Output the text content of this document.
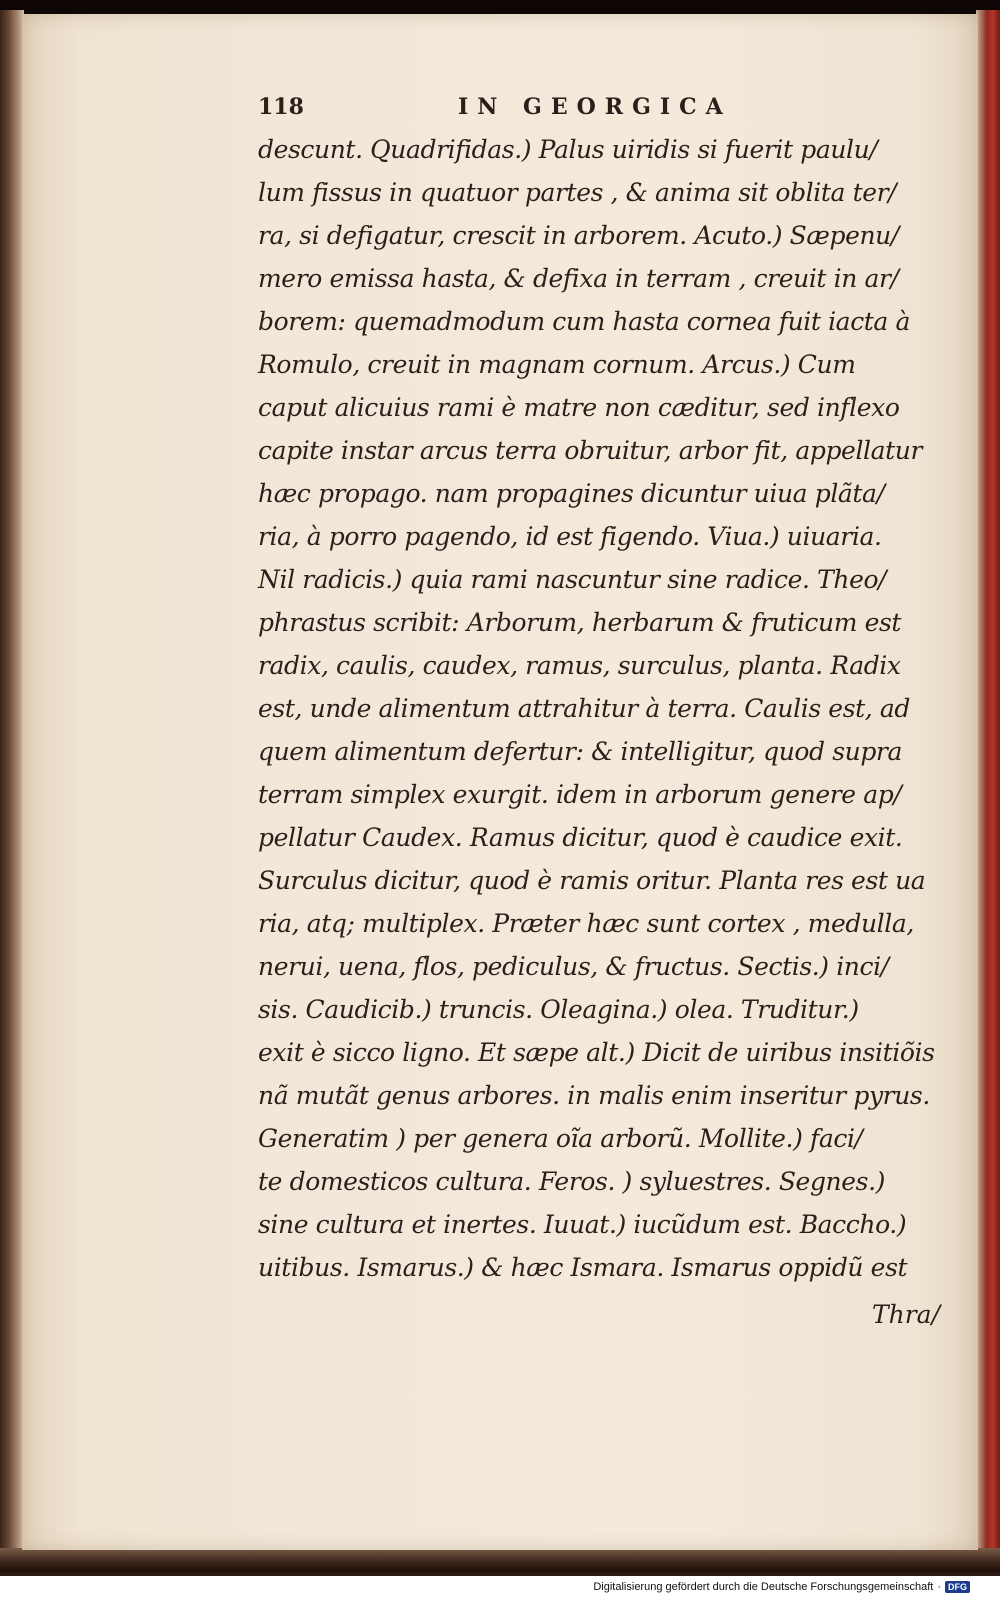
118	IN GEORGICA
descunt. Quadrifidas.) Palus uiridis si fuerit paulu/
lum fissus in quatuor partes , & anima sit oblita ter/
ra, si defigatur, crescit in arborem. Acuto.) Sæpenu/
mero emissa hasta, & defixa in terram , creuit in ar/
borem: quemadmodum cum hasta cornea fuit iacta à
Romulo, creuit in magnam cornum. Arcus.) Cum
caput alicuius rami è matre non cæditur, sed inflexo
capite instar arcus terra obruitur, arbor fit, appellatur
hæc propago. nam propagines dicuntur uiua plãta/
ria, à porro pagendo, id est figendo. Viua.) uiuaria.
Nil radicis.) quia rami nascuntur sine radice. Theo/
phrastus scribit: Arborum, herbarum & fruticum est
radix, caulis, caudex, ramus, surculus, planta. Radix
est, unde alimentum attrahitur à terra. Caulis est, ad
quem alimentum defertur: & intelligitur, quod supra
terram simplex exurgit. idem in arborum genere ap/
pellatur Caudex. Ramus dicitur, quod è caudice exit.
Surculus dicitur, quod è ramis oritur. Planta res est ua
ria, atq; multiplex. Præter hæc sunt cortex , medulla,
nerui, uena, flos, pediculus, & fructus. Sectis.) inci/
sis. Caudicib.) truncis. Oleagina.) olea. Truditur.)
exit è sicco ligno. Et sæpe alt.) Dicit de uiribus insitiõis
nã mutãt genus arbores. in malis enim inseritur pyrus.
Generatim ) per genera oĩa arborũ. Mollite.) faci/
te domesticos cultura. Feros. ) syluestres. Segnes.)
sine cultura et inertes. Iuuat.) iucũdum est. Baccho.)
uitibus. Ismarus.) & hæc Ismara. Ismarus oppidũ est
Thra/
Digitalisierung gefördert durch die Deutsche Forschungsgemeinschaft · DFG
